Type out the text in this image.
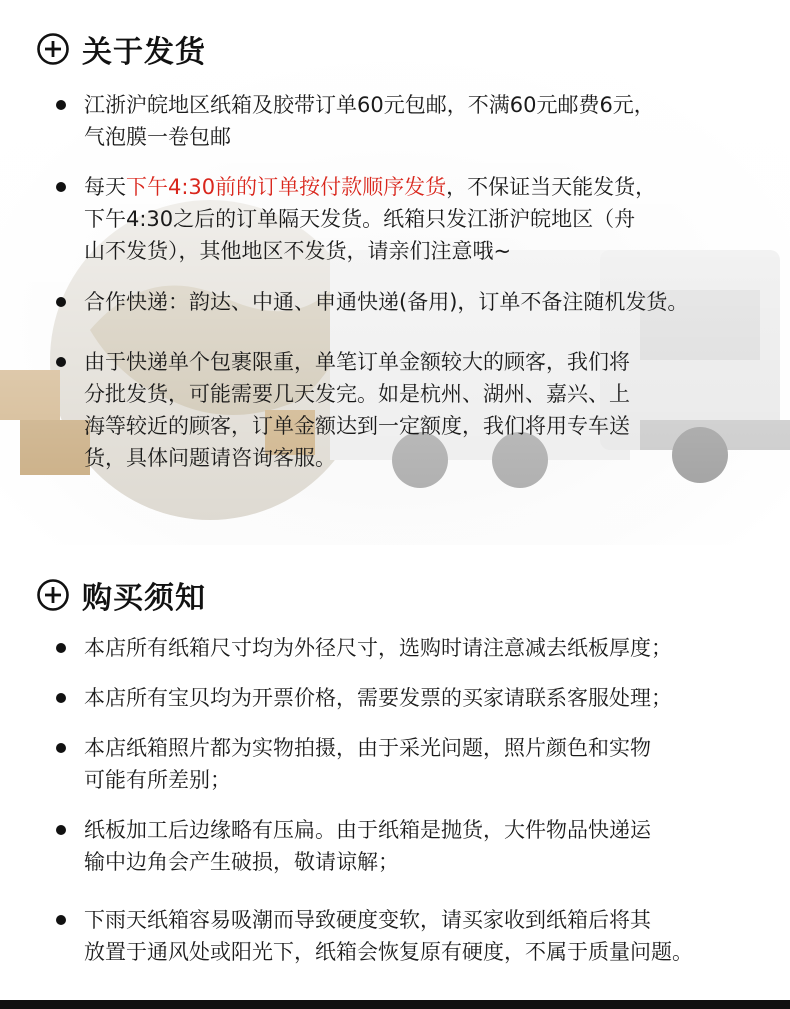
关于发货
江浙沪皖地区纸箱及胶带订单60元包邮，不满60元邮费6元，
气泡膜一卷包邮
每天下午4:30前的订单按付款顺序发货，不保证当天能发货，
下午4:30之后的订单隔天发货。纸箱只发江浙沪皖地区（舟
山不发货），其他地区不发货，请亲们注意哦~
合作快递：韵达、中通、申通快递(备用)，订单不备注随机发货。
由于快递单个包裹限重，单笔订单金额较大的顾客，我们将
分批发货，可能需要几天发完。如是杭州、湖州、嘉兴、上
海等较近的顾客，订单金额达到一定额度，我们将用专车送
货，具体问题请咨询客服。
购买须知
本店所有纸箱尺寸均为外径尺寸，选购时请注意减去纸板厚度；
本店所有宝贝均为开票价格，需要发票的买家请联系客服处理；
本店纸箱照片都为实物拍摄，由于采光问题，照片颜色和实物
可能有所差别；
纸板加工后边缘略有压扁。由于纸箱是抛货，大件物品快递运
输中边角会产生破损，敬请谅解；
下雨天纸箱容易吸潮而导致硬度变软，请买家收到纸箱后将其
放置于通风处或阳光下，纸箱会恢复原有硬度，不属于质量问题。
